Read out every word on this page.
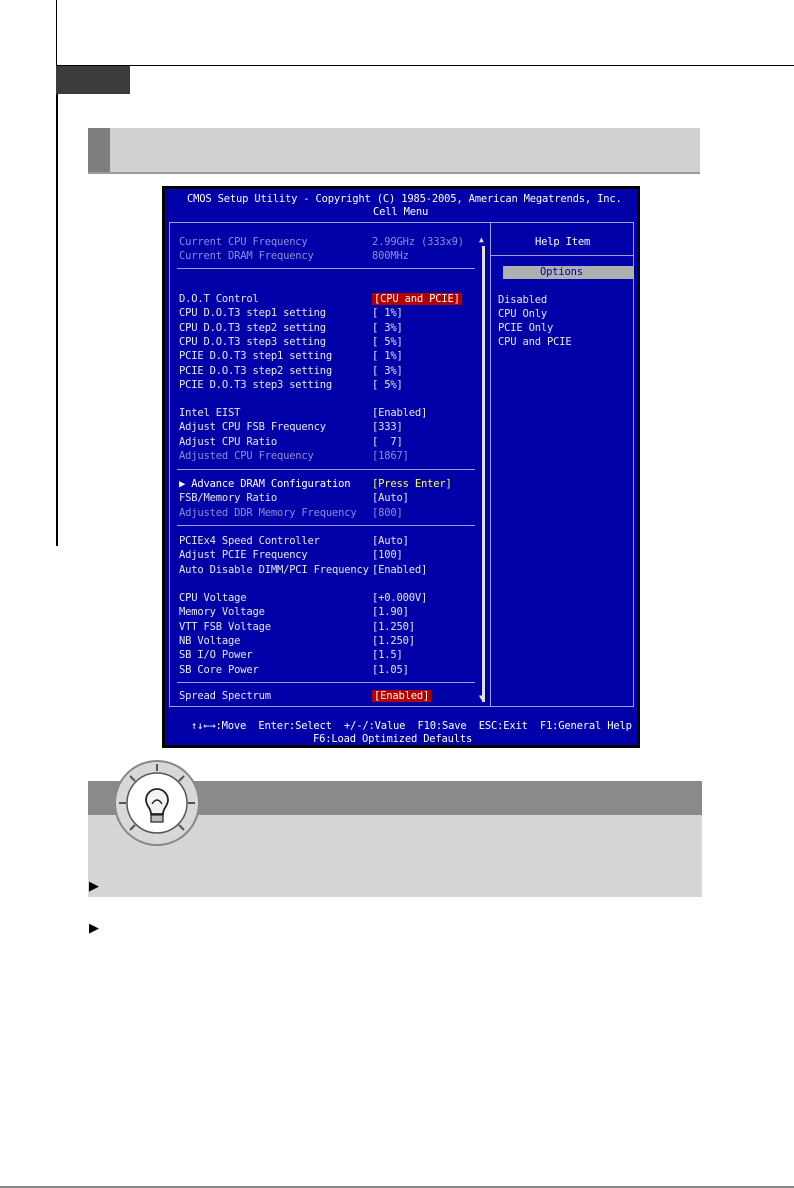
CMOS Setup Utility - Copyright (C) 1985-2005, American Megatrends, Inc.
Cell Menu
Spread Spectrum	[Enabled]
▲
▼
Help Item
Options
Disabled
CPU Only
PCIE Only
CPU and PCIE
↑↓←→:Move  Enter:Select  +/-/:Value  F10:Save  ESC:Exit  F1:General Help
F6:Load Optimized Defaults
Current CPU Frequency	2.99GHz (333x9)
Current DRAM Frequency	800MHz
D.O.T Control	[CPU and PCIE]
CPU D.O.T3 step1 setting	[ 1%]
CPU D.O.T3 step2 setting	[ 3%]
CPU D.O.T3 step3 setting	[ 5%]
PCIE D.O.T3 step1 setting	[ 1%]
PCIE D.O.T3 step2 setting	[ 3%]
PCIE D.O.T3 step3 setting	[ 5%]
Intel EIST	[Enabled]
Adjust CPU FSB Frequency	[333]
Adjust CPU Ratio	[  7]
Adjusted CPU Frequency	[1867]
▶ Advance DRAM Configuration [Press Enter]
FSB/Memory Ratio	[Auto]
Adjusted DDR Memory Frequency [800]
PCIEx4 Speed Controller	[Auto]
Adjust PCIE Frequency	[100]
Auto Disable DIMM/PCI Frequency [Enabled]
CPU Voltage	[+0.000V]
Memory Voltage	[1.90]
VTT FSB Voltage	[1.250]
NB Voltage	[1.250]
SB I/O Power	[1.5]
SB Core Power	[1.05]
▶
▶
